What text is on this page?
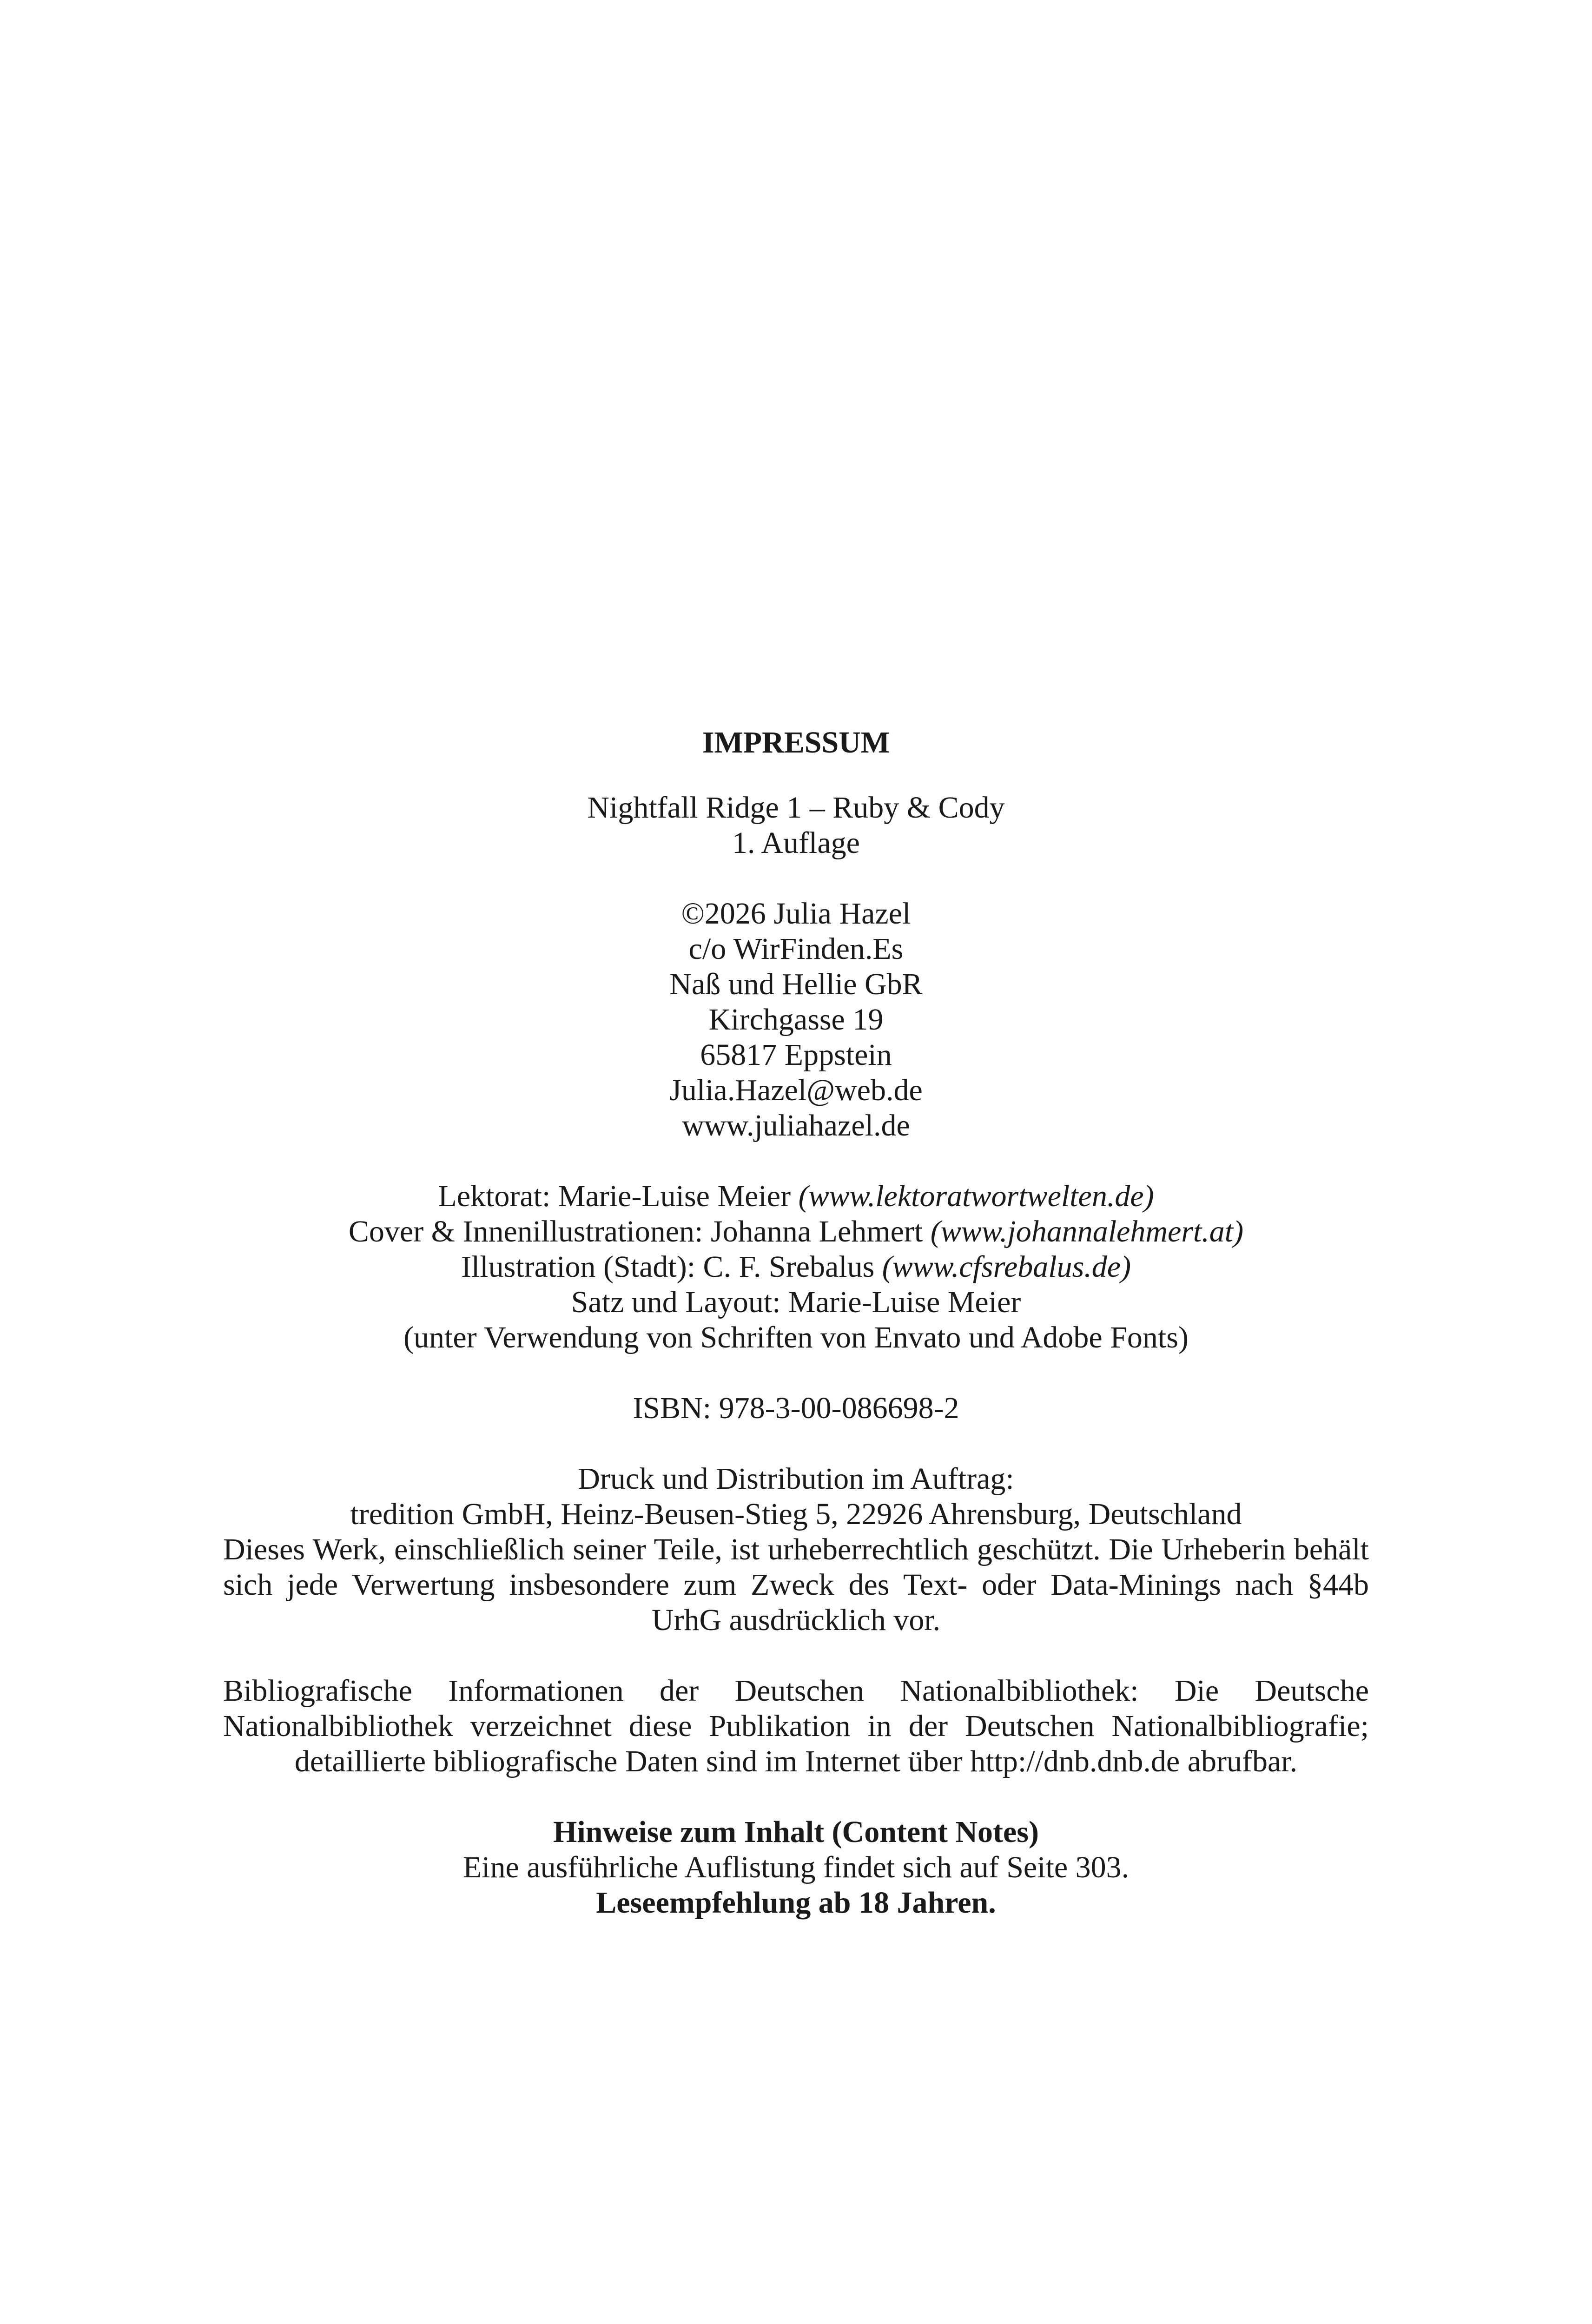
IMPRESSUM
Nightfall Ridge 1 – Ruby & Cody
1. Auflage
©2026 Julia Hazel
c/o WirFinden.Es
Naß und Hellie GbR
Kirchgasse 19
65817 Eppstein
Julia.Hazel@web.de
www.juliahazel.de
Lektorat: Marie-Luise Meier (www.lektoratwortwelten.de)
Cover & Innenillustrationen: Johanna Lehmert (www.johannalehmert.at)
Illustration (Stadt): C. F. Srebalus (www.cfsrebalus.de)
Satz und Layout: Marie-Luise Meier
(unter Verwendung von Schriften von Envato und Adobe Fonts)
ISBN: 978-3-00-086698-2
Druck und Distribution im Auftrag:
tredition GmbH, Heinz-Beusen-Stieg 5, 22926 Ahrensburg, Deutschland
Dieses Werk, einschließlich seiner Teile, ist urheberrechtlich geschützt. Die Urheberin behält sich jede Verwertung insbesondere zum Zweck des Text- oder Data-Minings nach §44b UrhG ausdrücklich vor.
Bibliografische Informationen der Deutschen Nationalbibliothek: Die Deutsche Nationalbibliothek verzeichnet diese Publikation in der Deutschen Nationalbibliografie; detaillierte bibliografische Daten sind im Internet über http://dnb.dnb.de abrufbar.
Hinweise zum Inhalt (Content Notes)
Eine ausführliche Auflistung findet sich auf Seite 303.
Leseempfehlung ab 18 Jahren.
